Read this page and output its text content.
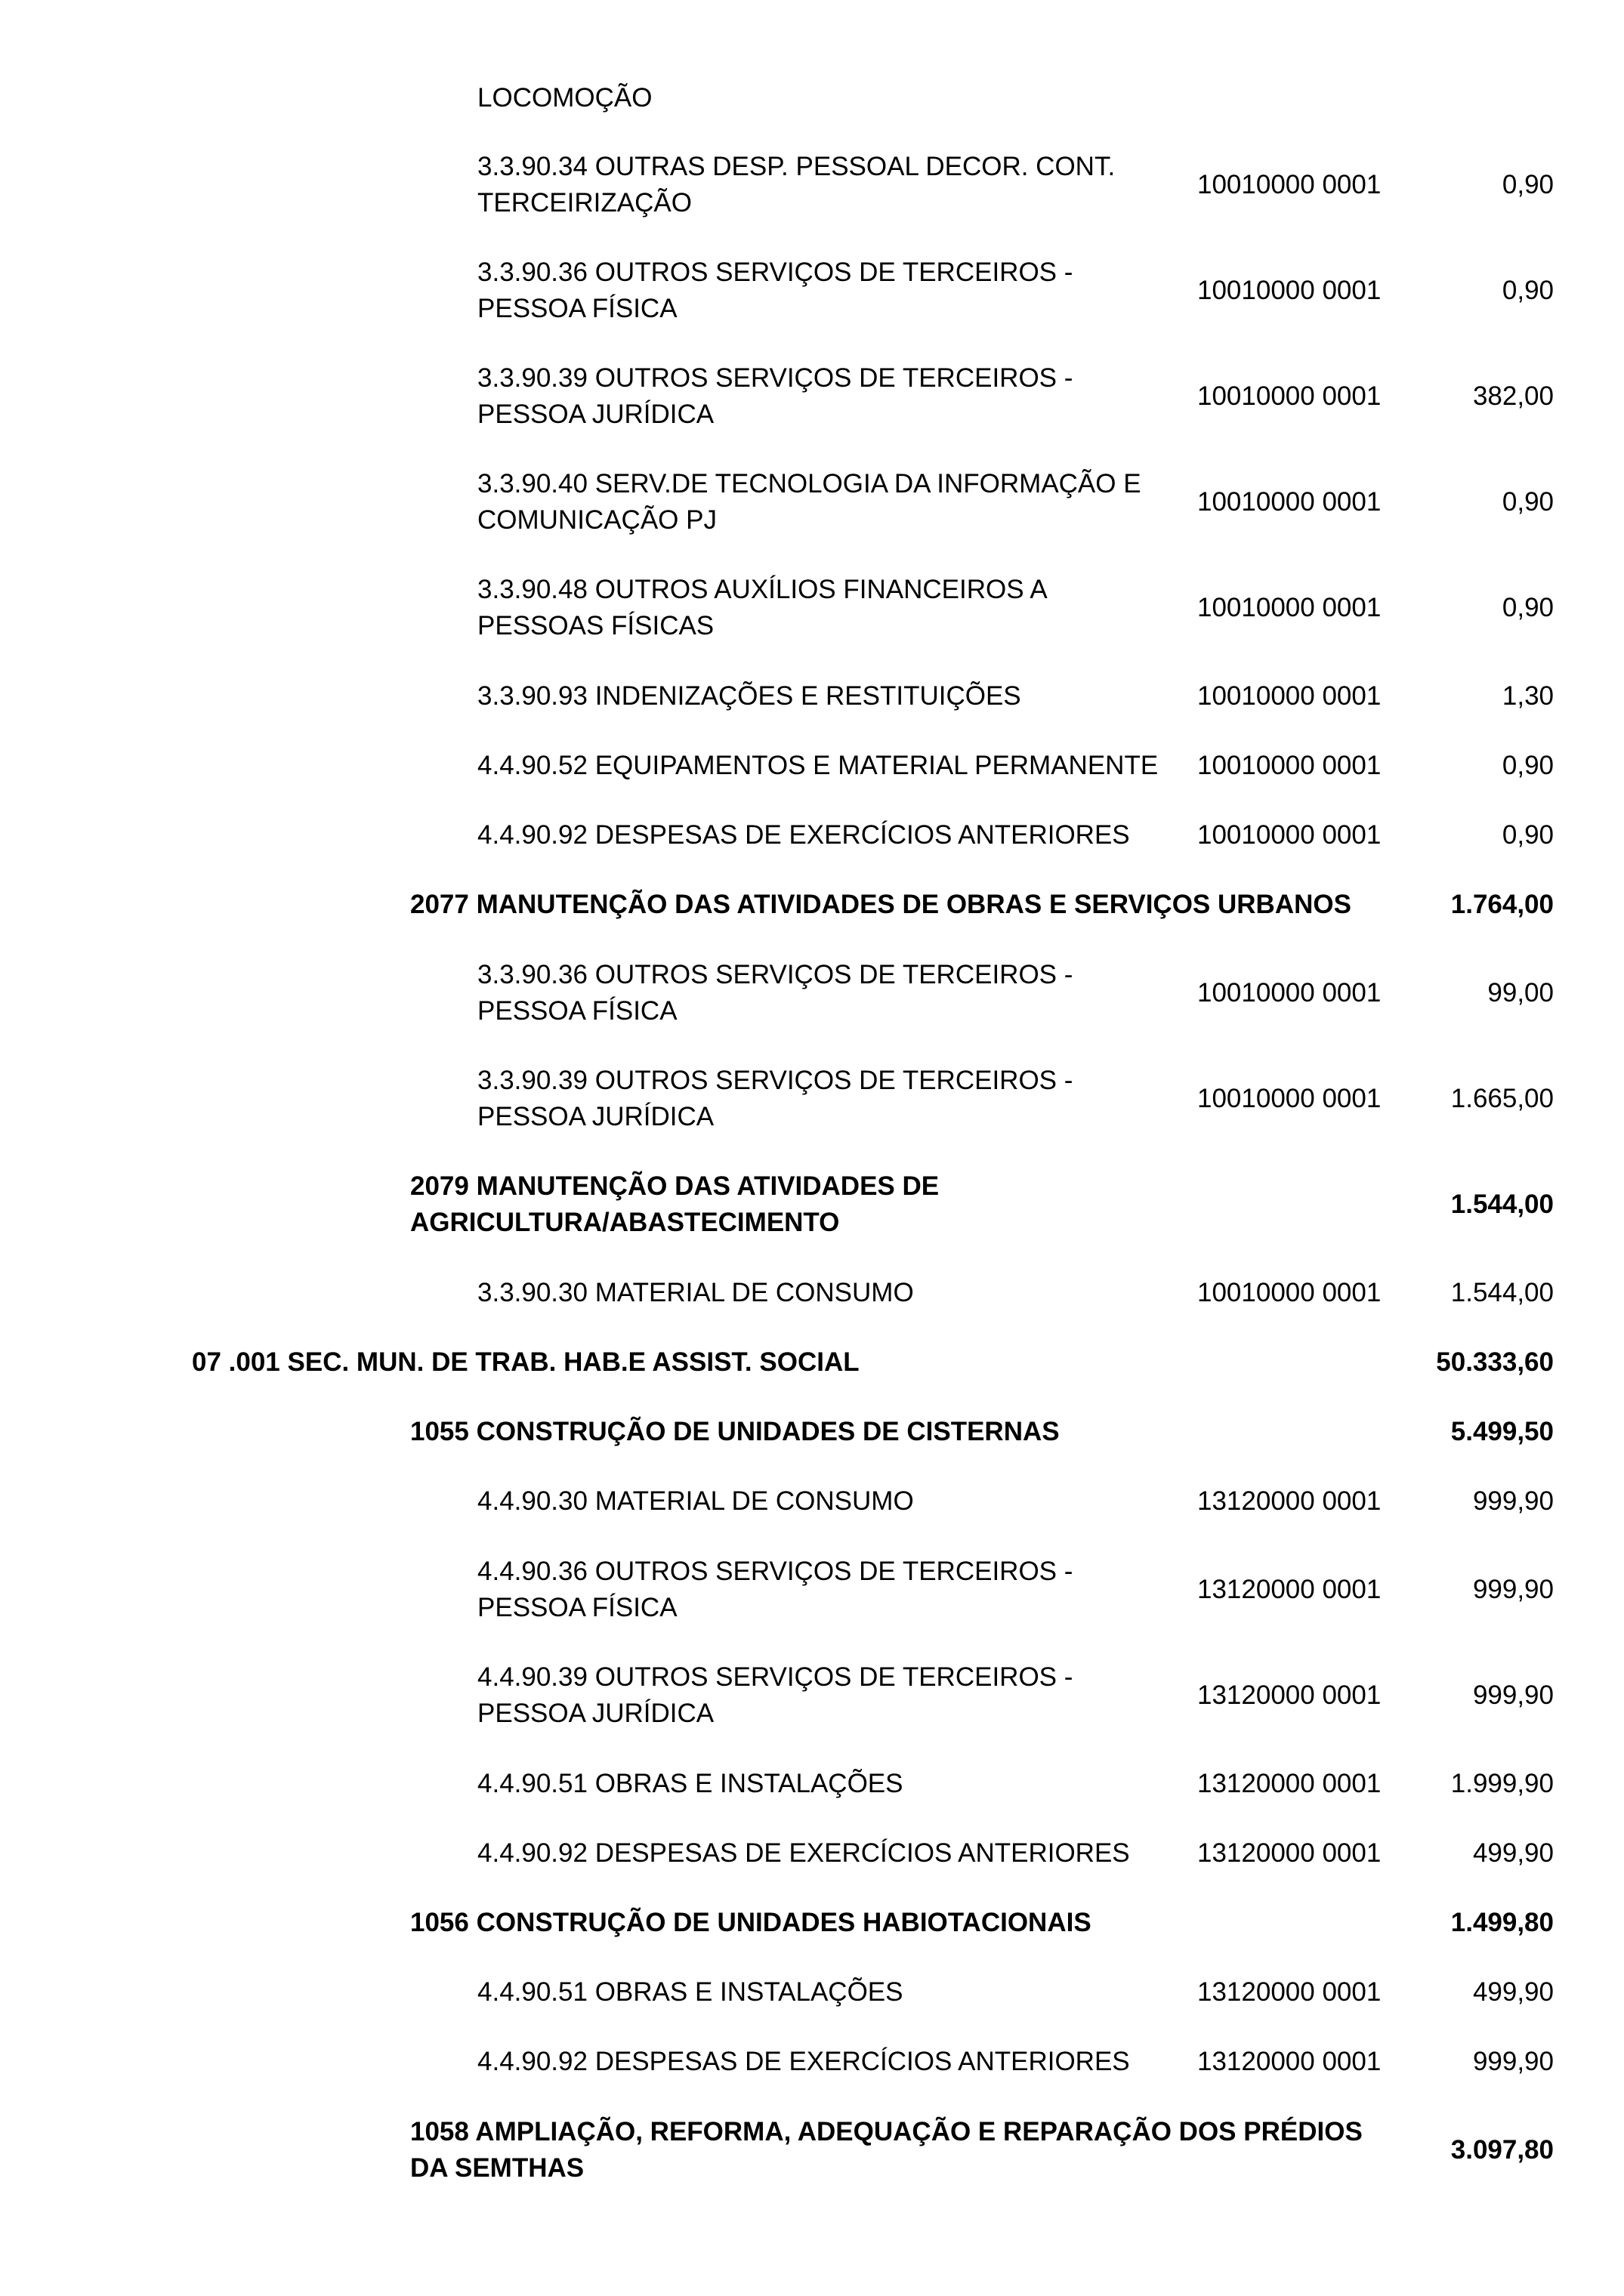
LOCOMOÇÃO
3.3.90.34 OUTRAS DESP. PESSOAL DECOR. CONT.
TERCEIRIZAÇÃO
10010000 0001	0,90
3.3.90.36 OUTROS SERVIÇOS DE TERCEIROS -
PESSOA FÍSICA
10010000 0001	0,90
3.3.90.39 OUTROS SERVIÇOS DE TERCEIROS -
PESSOA JURÍDICA
10010000 0001	382,00
3.3.90.40 SERV.DE TECNOLOGIA DA INFORMAÇÃO E
COMUNICAÇÃO PJ
10010000 0001	0,90
3.3.90.48 OUTROS AUXÍLIOS FINANCEIROS A
PESSOAS FÍSICAS
10010000 0001	0,90
3.3.90.93 INDENIZAÇÕES E RESTITUIÇÕES	10010000 0001	1,30
4.4.90.52 EQUIPAMENTOS E MATERIAL PERMANENTE	10010000 0001	0,90
4.4.90.92 DESPESAS DE EXERCÍCIOS ANTERIORES	10010000 0001	0,90
2077 MANUTENÇÃO DAS ATIVIDADES DE OBRAS E SERVIÇOS URBANOS	1.764,00
3.3.90.36 OUTROS SERVIÇOS DE TERCEIROS -
PESSOA FÍSICA
10010000 0001	99,00
3.3.90.39 OUTROS SERVIÇOS DE TERCEIROS -
PESSOA JURÍDICA
10010000 0001	1.665,00
2079 MANUTENÇÃO DAS ATIVIDADES DE
AGRICULTURA/ABASTECIMENTO
1.544,00
3.3.90.30 MATERIAL DE CONSUMO	10010000 0001	1.544,00
07 .001 SEC. MUN. DE TRAB. HAB.E ASSIST. SOCIAL	50.333,60
1055 CONSTRUÇÃO DE UNIDADES DE CISTERNAS	5.499,50
4.4.90.30 MATERIAL DE CONSUMO	13120000 0001	999,90
4.4.90.36 OUTROS SERVIÇOS DE TERCEIROS -
PESSOA FÍSICA
13120000 0001	999,90
4.4.90.39 OUTROS SERVIÇOS DE TERCEIROS -
PESSOA JURÍDICA
13120000 0001	999,90
4.4.90.51 OBRAS E INSTALAÇÕES	13120000 0001	1.999,90
4.4.90.92 DESPESAS DE EXERCÍCIOS ANTERIORES	13120000 0001	499,90
1056 CONSTRUÇÃO DE UNIDADES HABIOTACIONAIS	1.499,80
4.4.90.51 OBRAS E INSTALAÇÕES	13120000 0001	499,90
4.4.90.92 DESPESAS DE EXERCÍCIOS ANTERIORES	13120000 0001	999,90
1058 AMPLIAÇÃO, REFORMA, ADEQUAÇÃO E REPARAÇÃO DOS PRÉDIOS
DA SEMTHAS
3.097,80
